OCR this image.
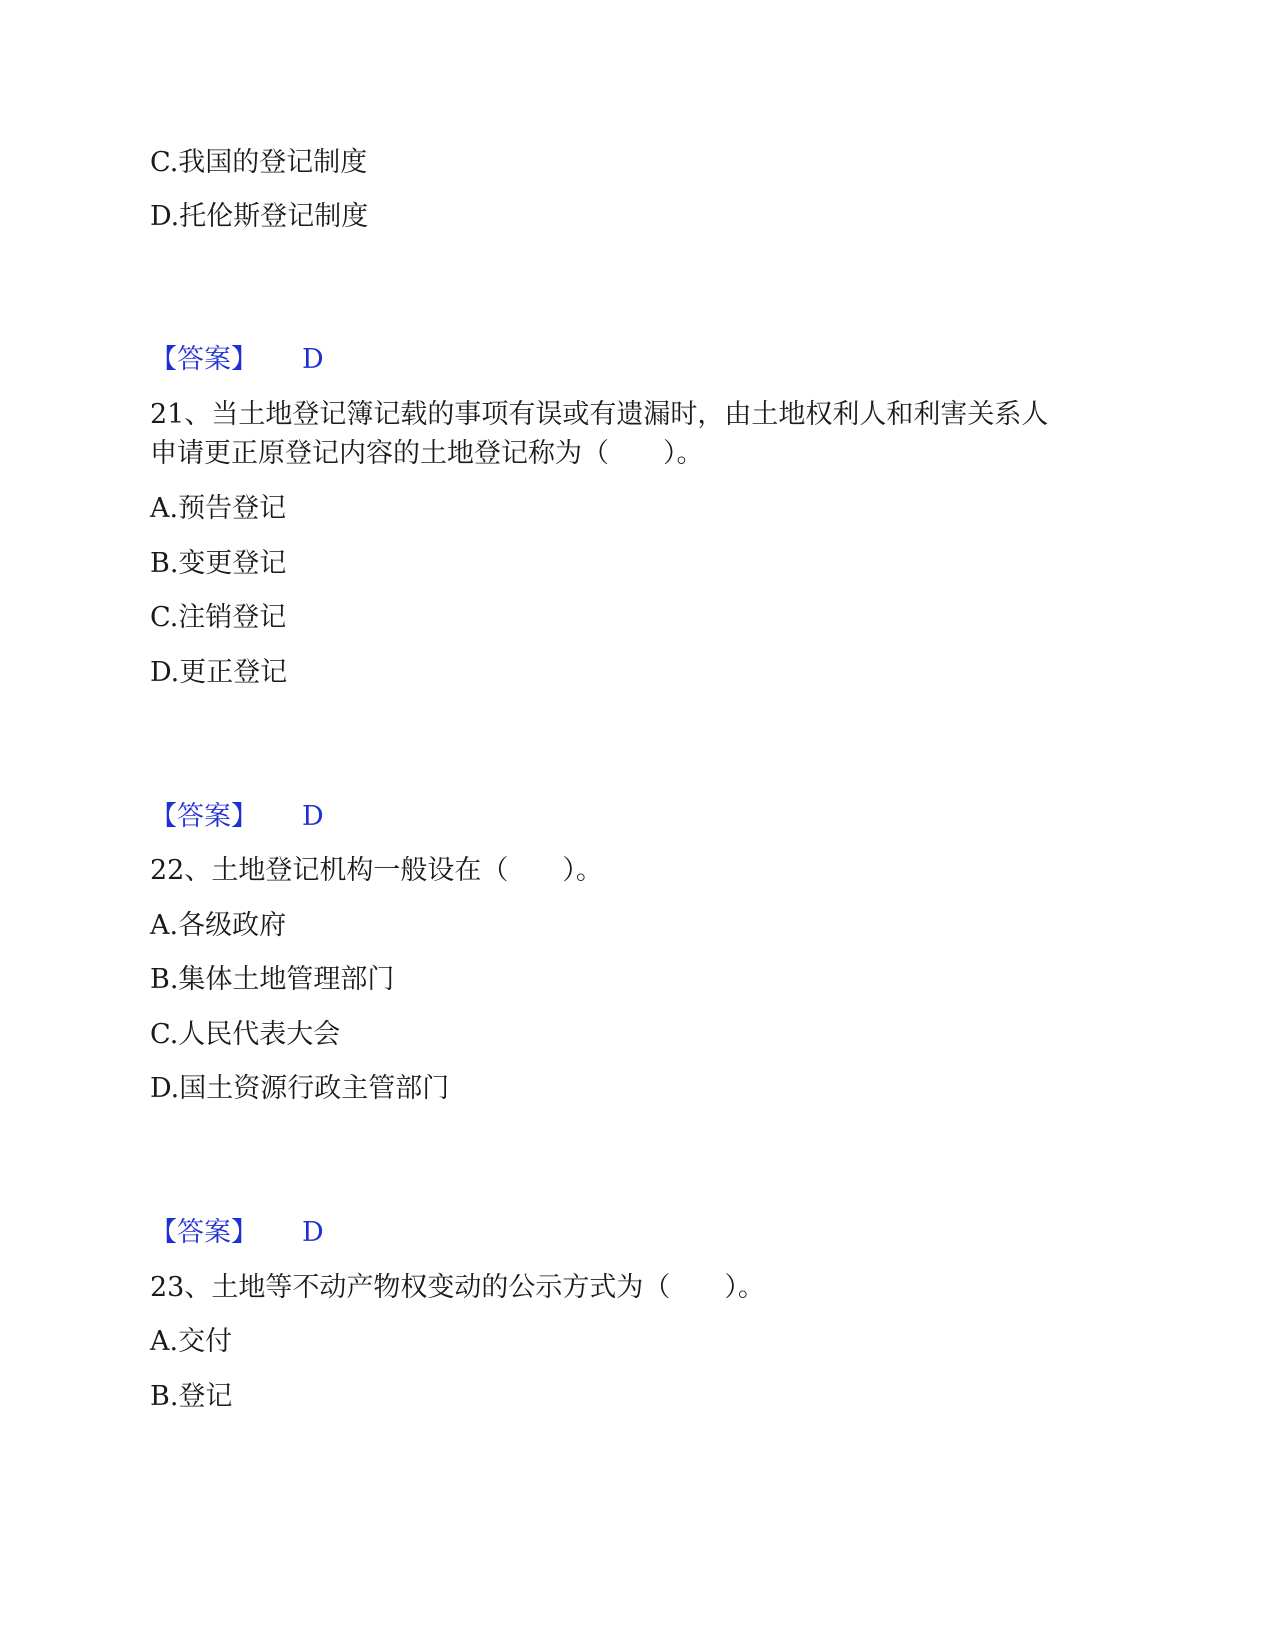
C.我国的登记制度
D.托伦斯登记制度
【答案】 D
21、当土地登记簿记载的事项有误或有遗漏时，由土地权利人和利害关系人
申请更正原登记内容的土地登记称为（　　）。
A.预告登记
B.变更登记
C.注销登记
D.更正登记
【答案】 D
22、土地登记机构一般设在（　　）。
A.各级政府
B.集体土地管理部门
C.人民代表大会
D.国土资源行政主管部门
【答案】 D
23、土地等不动产物权变动的公示方式为（　　）。
A.交付
B.登记
